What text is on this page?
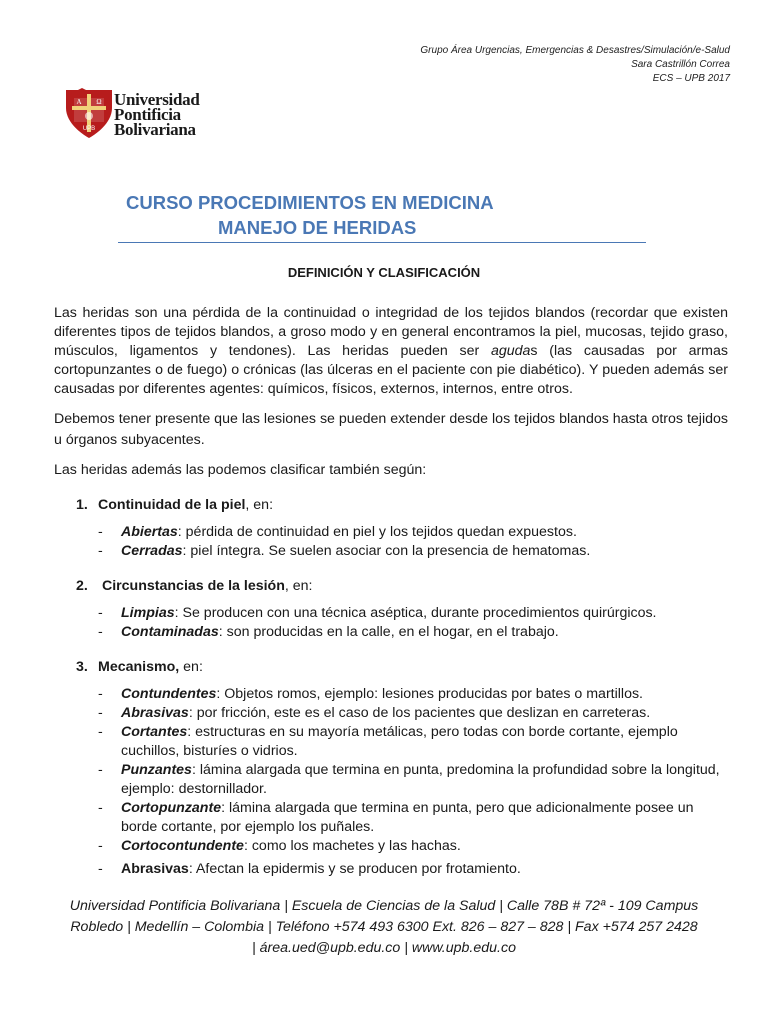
Grupo Área Urgencias, Emergencias & Desastres/Simulación/e-Salud
Sara Castrillón Correa
ECS – UPB 2017
A Ω
UPB
Universidad
Pontificia
Bolivariana
CURSO PROCEDIMIENTOS EN MEDICINA
MANEJO DE HERIDAS
DEFINICIÓN Y CLASIFICACIÓN

Las heridas son una pérdida de la continuidad o integridad de los tejidos blandos (recordar que existen diferentes tipos de tejidos blandos, a groso modo y en general encontramos la piel, mucosas, tejido graso, músculos, ligamentos y tendones). Las heridas pueden ser agudas (las causadas por armas cortopunzantes o de fuego) o crónicas (las úlceras en el paciente con pie diabético). Y pueden además ser causadas por diferentes agentes: químicos, físicos, externos, internos, entre otros.

Debemos tener presente que las lesiones se pueden extender desde los tejidos blandos hasta otros tejidos u órganos subyacentes.

Las heridas además las podemos clasificar también según:

1. Continuidad de la piel, en:
- Abiertas: pérdida de continuidad en piel y los tejidos quedan expuestos.
- Cerradas: piel íntegra. Se suelen asociar con la presencia de hematomas.
2. Circunstancias de la lesión, en:
- Limpias: Se producen con una técnica aséptica, durante procedimientos quirúrgicos.
- Contaminadas: son producidas en la calle, en el hogar, en el trabajo.
3. Mecanismo, en:
- Contundentes: Objetos romos, ejemplo: lesiones producidas por bates o martillos.
- Abrasivas: por fricción, este es el caso de los pacientes que deslizan en carreteras.
- Cortantes: estructuras en su mayoría metálicas, pero todas con borde cortante, ejemplo cuchillos, bisturíes o vidrios.
- Punzantes: lámina alargada que termina en punta, predomina la profundidad sobre la longitud, ejemplo: destornillador.
- Cortopunzante: lámina alargada que termina en punta, pero que adicionalmente posee un borde cortante, por ejemplo los puñales.
- Cortocontundente: como los machetes y las hachas.
- Abrasivas: Afectan la epidermis y se producen por frotamiento.
Universidad Pontificia Bolivariana | Escuela de Ciencias de la Salud | Calle 78B # 72ª - 109 Campus
Robledo | Medellín – Colombia | Teléfono +574 493 6300 Ext. 826 – 827 – 828 | Fax +574 257 2428
| área.ued@upb.edu.co | www.upb.edu.co
